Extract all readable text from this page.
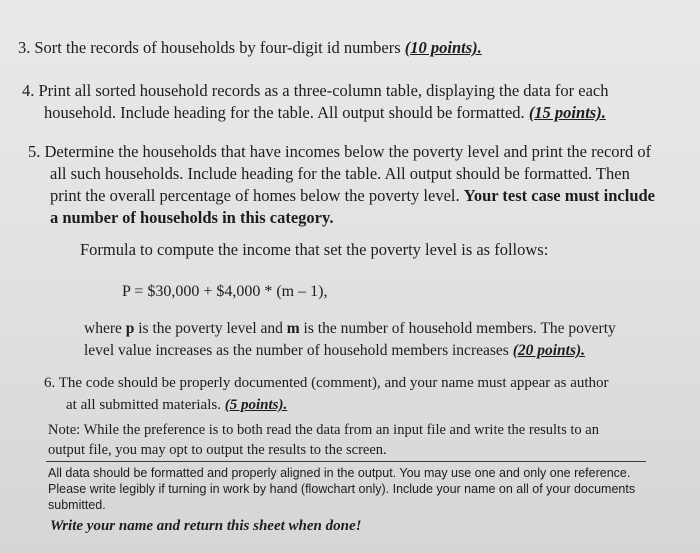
3. Sort the records of households by four-digit id numbers (10 points).
4. Print all sorted household records as a three-column table, displaying the data for each
household. Include heading for the table. All output should be formatted. (15 points).
5. Determine the households that have incomes below the poverty level and print the record of
all such households. Include heading for the table. All output should be formatted. Then
print the overall percentage of homes below the poverty level. Your test case must include
a number of households in this category.
Formula to compute the income that set the poverty level is as follows:
P = $30,000 + $4,000 * (m – 1),
where p is the poverty level and m is the number of household members. The poverty
level value increases as the number of household members increases (20 points).
6. The code should be properly documented (comment), and your name must appear as author
at all submitted materials. (5 points).
Note: While the preference is to both read the data from an input file and write the results to an
output file, you may opt to output the results to the screen.
All data should be formatted and properly aligned in the output. You may use one and only one reference.
Please write legibly if turning in work by hand (flowchart only). Include your name on all of your documents
submitted.
Write your name and return this sheet when done!
